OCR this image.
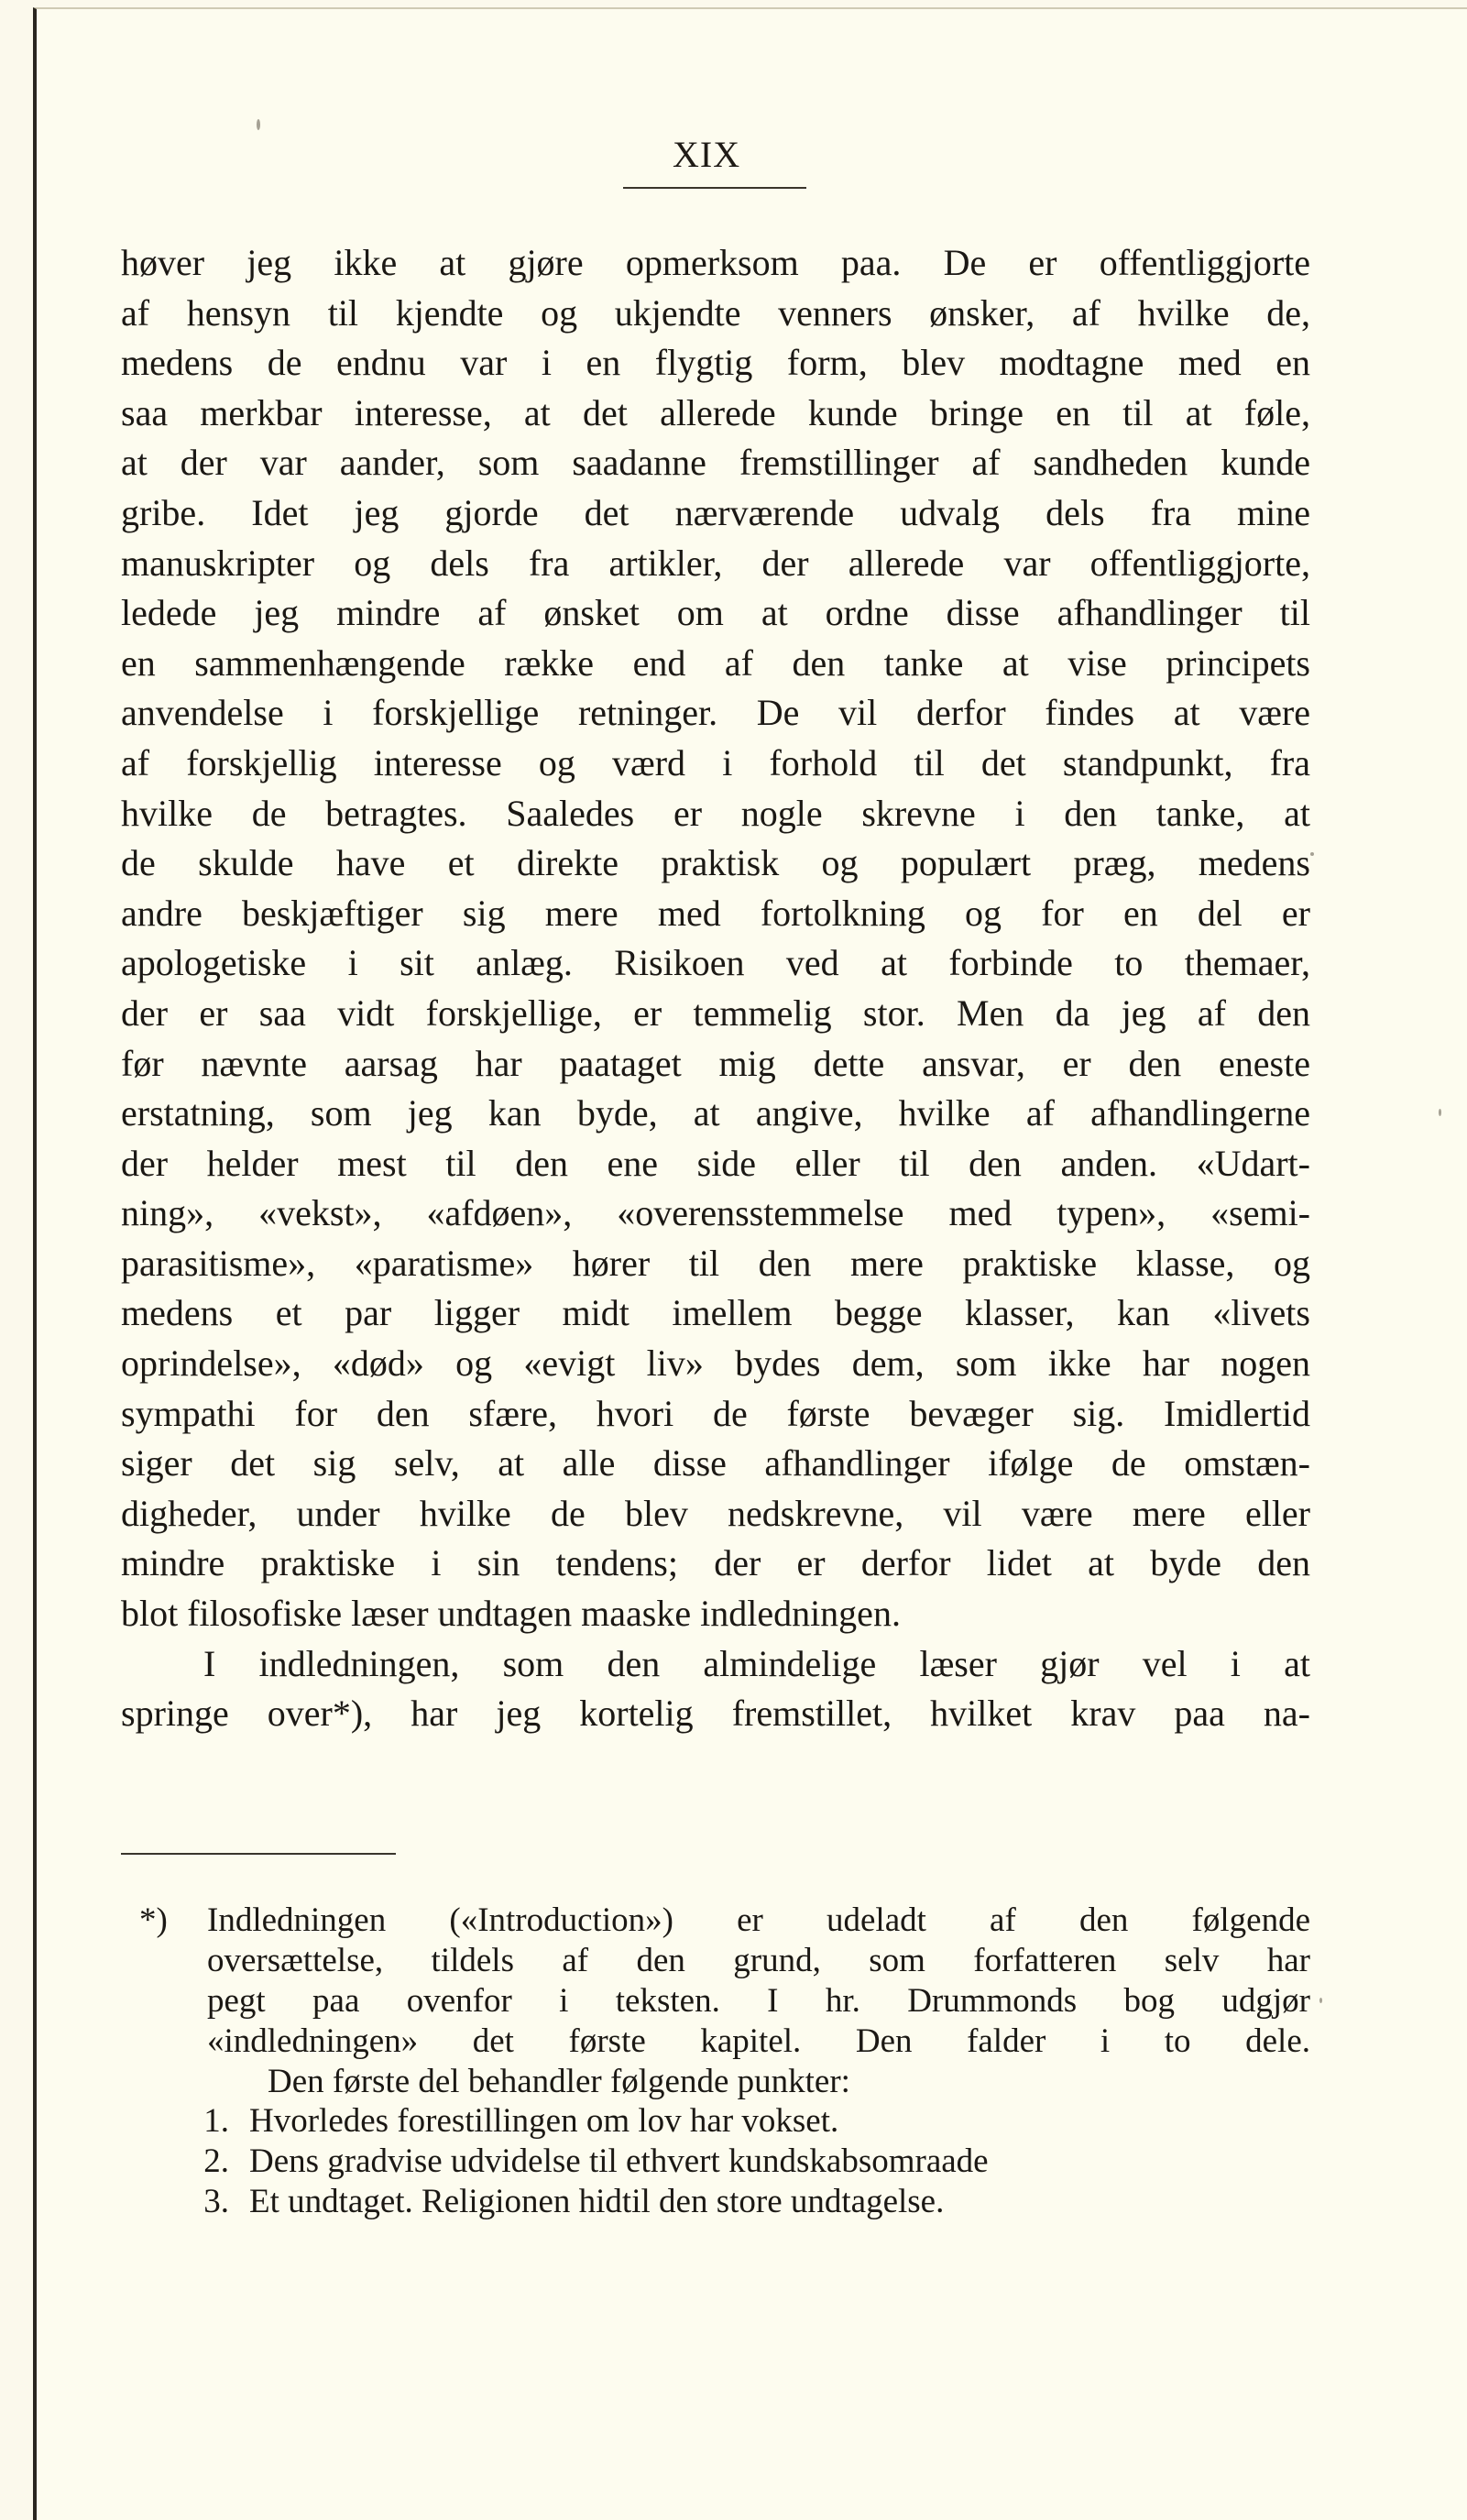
XIX
høver jeg ikke at gjøre opmerksom paa. De er offentliggjorte
af hensyn til kjendte og ukjendte venners ønsker, af hvilke de,
medens de endnu var i en flygtig form, blev modtagne med en
saa merkbar interesse, at det allerede kunde bringe en til at føle,
at der var aander, som saadanne fremstillinger af sandheden kunde
gribe. Idet jeg gjorde det nærværende udvalg dels fra mine
manuskripter og dels fra artikler, der allerede var offentliggjorte,
ledede jeg mindre af ønsket om at ordne disse afhandlinger til
en sammenhængende række end af den tanke at vise principets
anvendelse i forskjellige retninger. De vil derfor findes at være
af forskjellig interesse og værd i forhold til det standpunkt, fra
hvilke de betragtes. Saaledes er nogle skrevne i den tanke, at
de skulde have et direkte praktisk og populært præg, medens
andre beskjæftiger sig mere med fortolkning og for en del er
apologetiske i sit anlæg. Risikoen ved at forbinde to themaer,
der er saa vidt forskjellige, er temmelig stor. Men da jeg af den
før nævnte aarsag har paataget mig dette ansvar, er den eneste
erstatning, som jeg kan byde, at angive, hvilke af afhandlingerne
der helder mest til den ene side eller til den anden. «Udart-
ning», «vekst», «afdøen», «overensstemmelse med typen», «semi-
parasitisme», «paratisme» hører til den mere praktiske klasse, og
medens et par ligger midt imellem begge klasser, kan «livets
oprindelse», «død» og «evigt liv» bydes dem, som ikke har nogen
sympathi for den sfære, hvori de første bevæger sig. Imidlertid
siger det sig selv, at alle disse afhandlinger ifølge de omstæn-
digheder, under hvilke de blev nedskrevne, vil være mere eller
mindre praktiske i sin tendens; der er derfor lidet at byde den
blot filosofiske læser undtagen maaske indledningen.
I indledningen, som den almindelige læser gjør vel i at
springe over*), har jeg kortelig fremstillet, hvilket krav paa na-
*) Indledningen («Introduction») er udeladt af den følgende
oversættelse, tildels af den grund, som forfatteren selv har
pegt paa ovenfor i teksten. I hr. Drummonds bog udgjør
«indledningen» det første kapitel. Den falder i to dele.
Den første del behandler følgende punkter:
1. Hvorledes forestillingen om lov har vokset.
2. Dens gradvise udvidelse til ethvert kundskabsomraade
3. Et undtaget. Religionen hidtil den store undtagelse.
